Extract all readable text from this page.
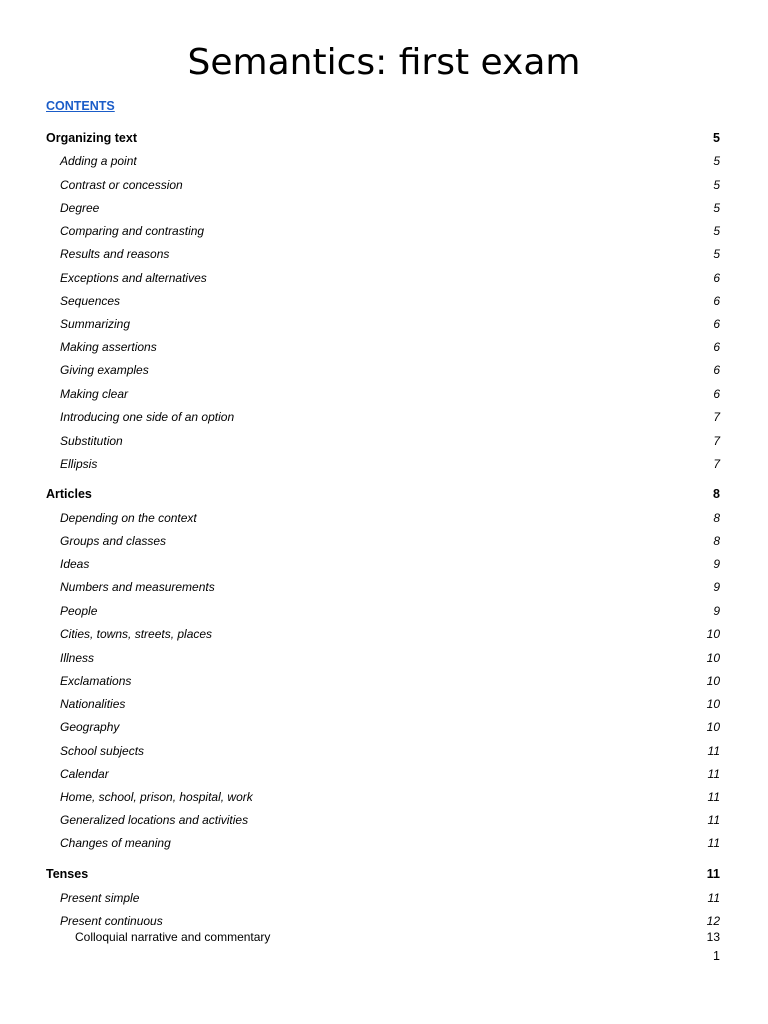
Semantics: first exam
CONTENTS
Organizing text	5
Adding a point	5
Contrast or concession	5
Degree	5
Comparing and contrasting	5
Results and reasons	5
Exceptions and alternatives	6
Sequences	6
Summarizing	6
Making assertions	6
Giving examples	6
Making clear	6
Introducing one side of an option	7
Substitution	7
Ellipsis	7
Articles	8
Depending on the context	8
Groups and classes	8
Ideas	9
Numbers and measurements	9
People	9
Cities, towns, streets, places	10
Illness	10
Exclamations	10
Nationalities	10
Geography	10
School subjects	11
Calendar	11
Home, school, prison, hospital, work	11
Generalized locations and activities	11
Changes of meaning	11
Tenses	11
Present simple	11
Present continuous	12
Colloquial narrative and commentary	13
1
